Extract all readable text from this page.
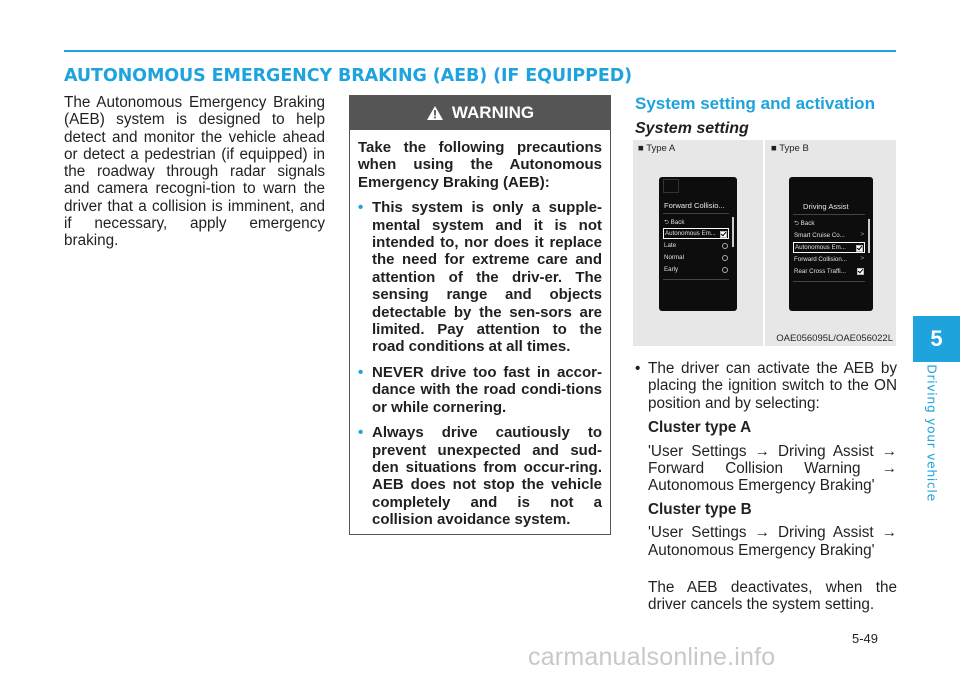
AUTONOMOUS EMERGENCY BRAKING (AEB) (IF EQUIPPED)
The Autonomous Emergency Braking (AEB) system is designed to help detect and monitor the vehicle ahead or detect a pedestrian (if equipped) in the roadway through radar signals and camera recogni-tion to warn the driver that a collision is imminent, and if necessary, apply emergency braking.
WARNING

Take the following precautions when using the Autonomous Emergency Braking (AEB):

• This system is only a supple-mental system and it is not intended to, nor does it replace the need for extreme care and attention of the driv-er. The sensing range and objects detectable by the sen-sors are limited. Pay attention to the road conditions at all times.
• NEVER drive too fast in accor-dance with the road condi-tions or while cornering.
• Always drive cautiously to prevent unexpected and sud-den situations from occur-ring. AEB does not stop the vehicle completely and is not a collision avoidance system.
System setting and activation
System setting
■ Type A	■ Type B
Forward Collisio...
⮌ Back
Autonomous Em...
Late
Normal
Early
Driving Assist
⮌ Back
Smart Cruise Co...	>
Autonomous Em...
Forward Collision... >
Rear Cross Traffi...
OAE056095L/OAE056022L
• The driver can activate the AEB by placing the ignition switch to the ON position and by selecting:
Cluster type A
'User Settings → Driving Assist → Forward Collision Warning → Autonomous Emergency Braking'
Cluster type B
'User Settings → Driving Assist → Autonomous Emergency Braking'
The AEB deactivates, when the driver cancels the system setting.
5
Driving your vehicle
5-49
carmanualsonline.info
